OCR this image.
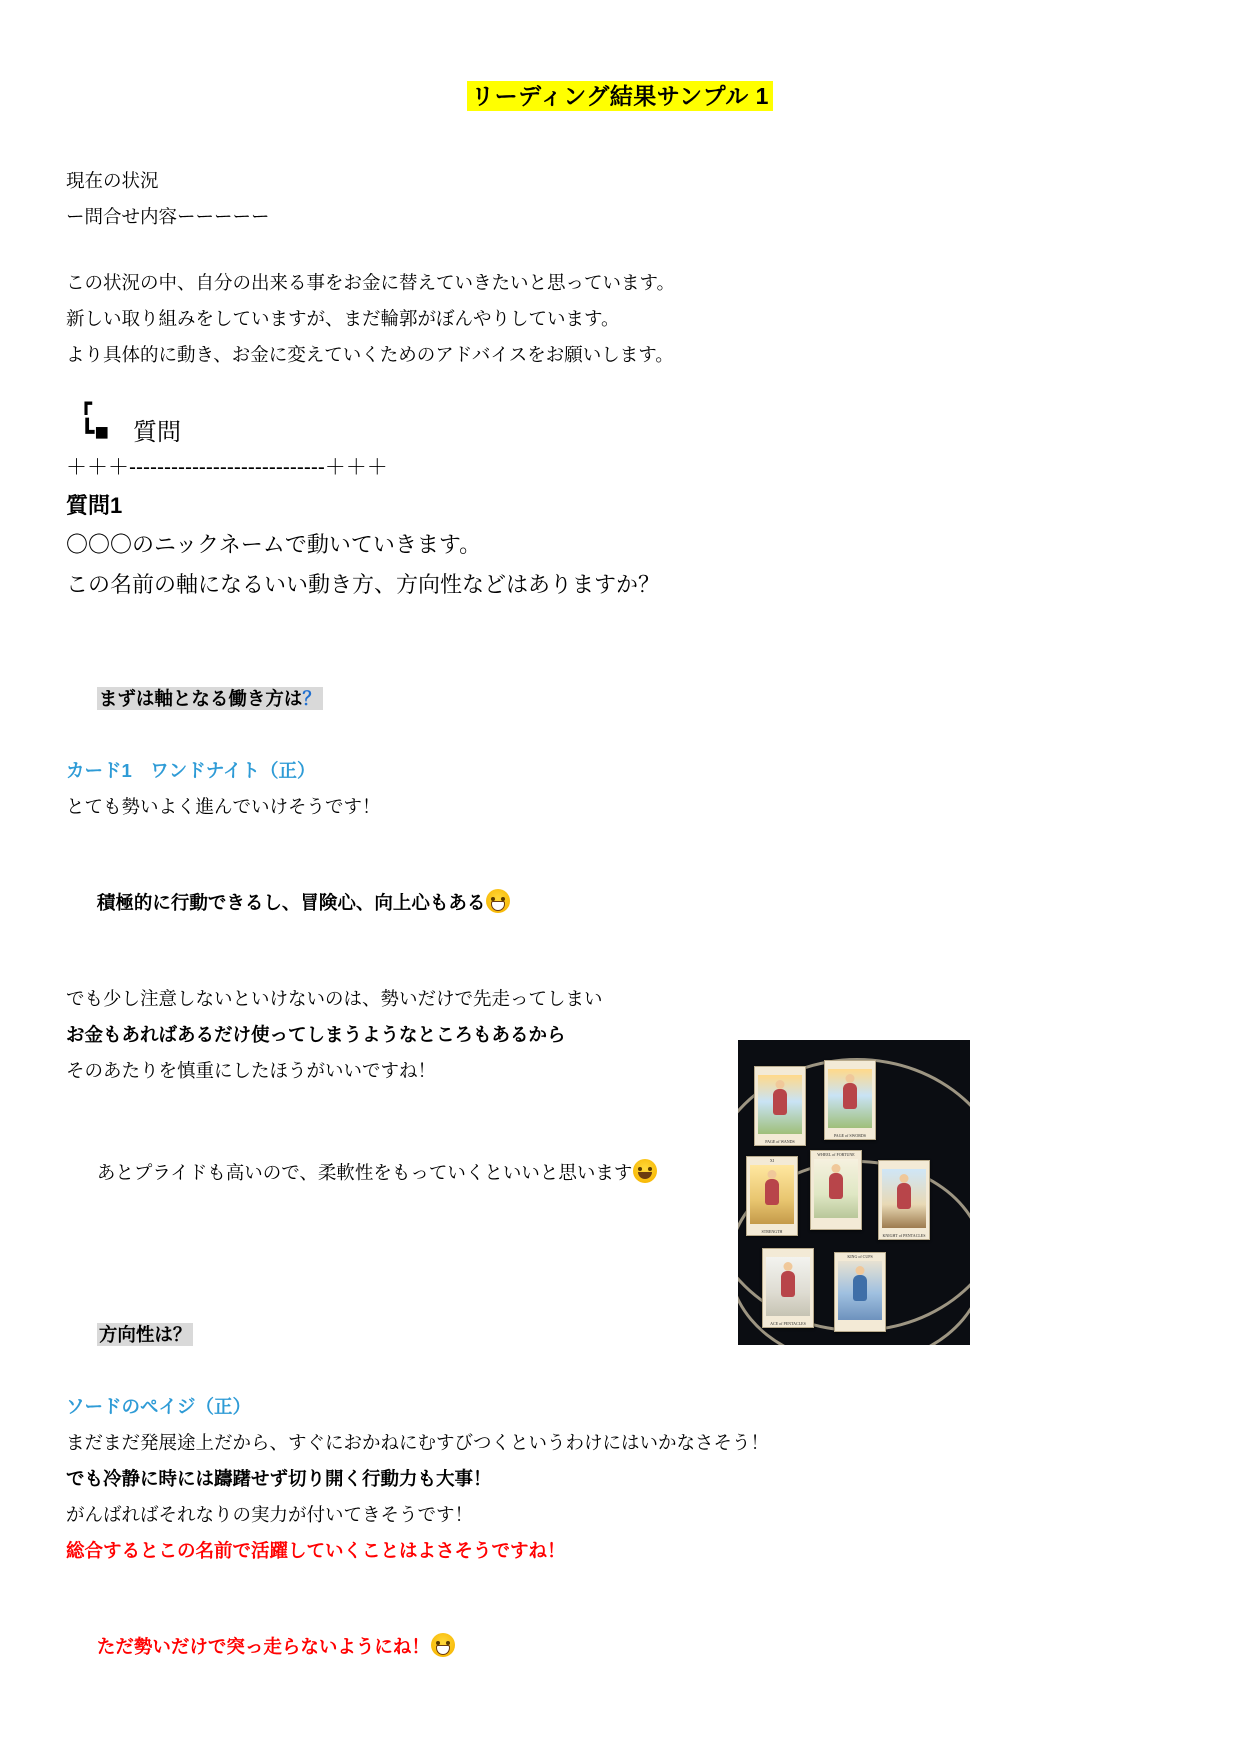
リーディング結果サンプル 1
現在の状況
ー問合せ内容ーーーーー
この状況の中、自分の出来る事をお金に替えていきたいと思っています。
新しい取り組みをしていますが、まだ輪郭がぼんやりしています。
より具体的に動き、お金に変えていくためのアドバイスをお願いします。
┏
┗■　質問
＋＋＋----------------------------＋＋＋
質問1
〇〇〇のニックネームで動いていきます。
この名前の軸になるいい動き方、方向性などはありますか？

まずは軸となる働き方は？

カード1　ワンドナイト（正）
とても勢いよく進んでいけそうです！

積極的に行動できるし、冒険心、向上心もある

でも少し注意しないといけないのは、勢いだけで先走ってしまい
お金もあればあるだけ使ってしまうようなところもあるから
そのあたりを慎重にしたほうがいいですね！

あとプライドも高いので、柔軟性をもっていくといいと思います

方向性は？

ソードのペイジ（正）
まだまだ発展途上だから、すぐにおかねにむすびつくというわけにはいかなさそう！
でも冷静に時には躊躇せず切り開く行動力も大事！
がんばればそれなりの実力が付いてきそうです！
総合するとこの名前で活躍していくことはよさそうですね！

ただ勢いだけで突っ走らないようにね！

PAGE of WANDS
PAGE of SWORDS
XI
STRENGTH
WHEEL of FORTUNE
KNIGHT of PENTACLES
ACE of PENTACLES
KING of CUPS
